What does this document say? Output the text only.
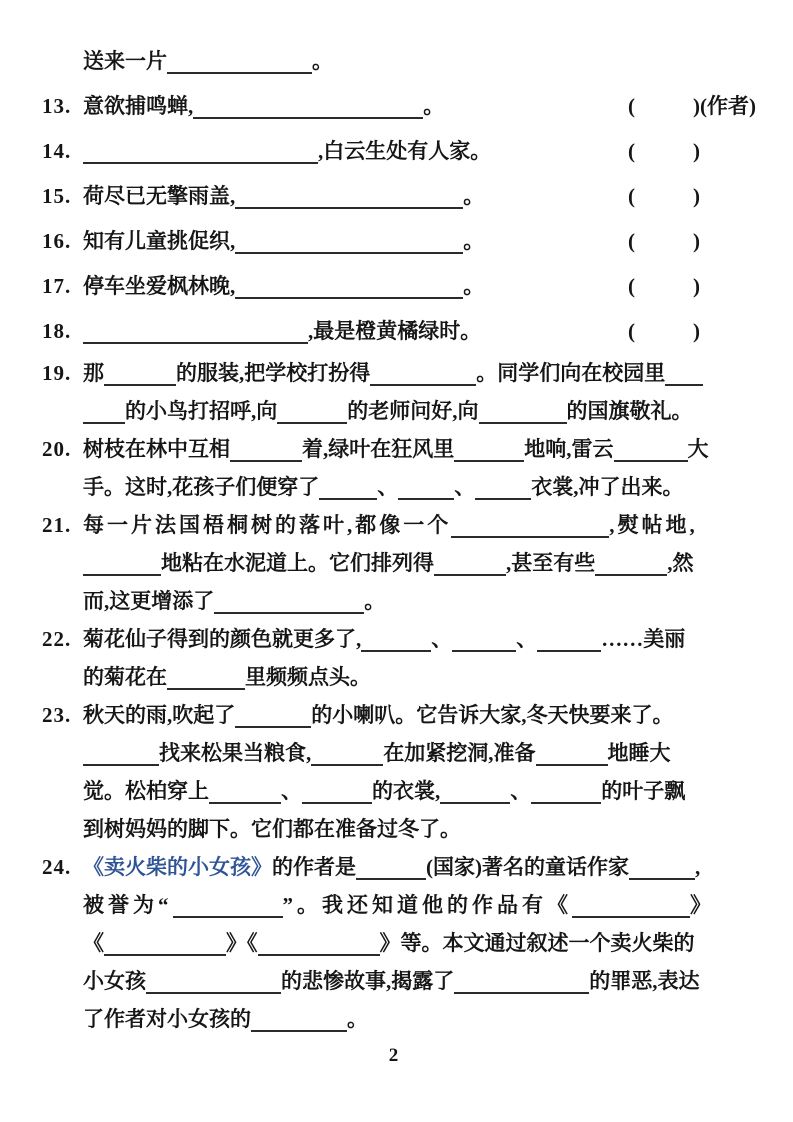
送来一片	。
13. 意欲捕鸣蝉,	。	(	) (作者)
14.	,白云生处有人家。	(	)
15. 荷尽已无擎雨盖,	。	(	)
16. 知有儿童挑促织,	。	(	)
17. 停车坐爱枫林晚,	。	(	)
18.	,最是橙黄橘绿时。	(	)
19. 那	的服装,把学校打扮得	。同学们向在校园里
的小鸟打招呼,向	的老师问好,向	的国旗敬礼。
20. 树枝在林中互相	着,绿叶在狂风里	地响,雷云	大
手。这时,花孩子们便穿了	、	、	衣裳,冲了出来。
21. 每一片法国梧桐树的落叶,都像一个	,熨帖地,
地粘在水泥道上。它们排列得	,甚至有些	,然
而,这更增添了	。
22. 菊花仙子得到的颜色就更多了,	、	、	……美丽
的菊花在	里频频点头。
23. 秋天的雨,吹起了	的小喇叭。它告诉大家,冬天快要来了。
找来松果当粮食,	在加紧挖洞,准备	地睡大
觉。松柏穿上	、	的衣裳,	、	的叶子飘
到树妈妈的脚下。它们都在准备过冬了。
24. 《卖火柴的小女孩》 的作者是	(国家)著名的童话作家	,
被誉为“	”。我还知道他的作品有《	》
《	》《	》等。本文通过叙述一个卖火柴的
小女孩	的悲惨故事,揭露了	的罪恶,表达
了作者对小女孩的	。
2
